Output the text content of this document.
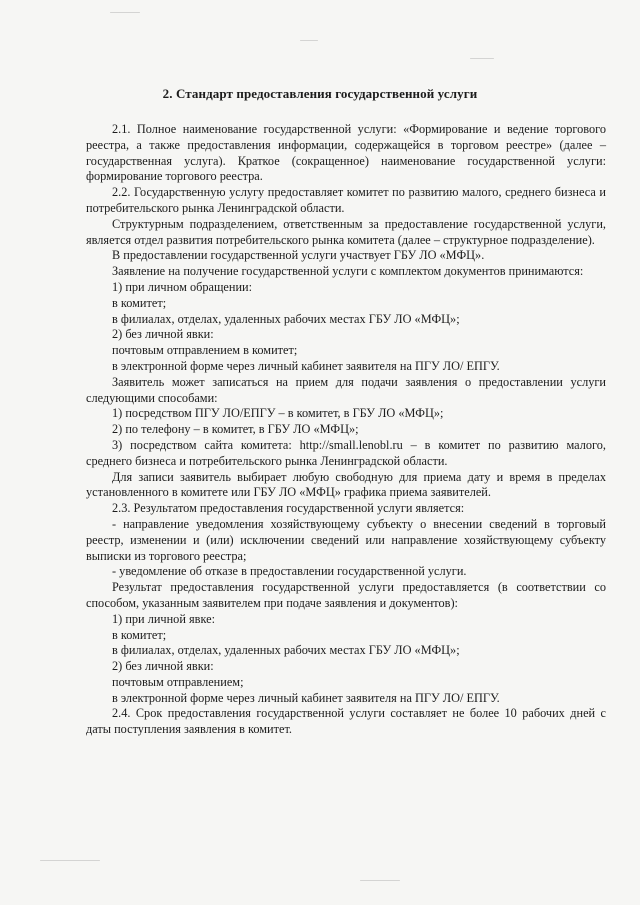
2. Стандарт предоставления государственной услуги

2.1. Полное наименование государственной услуги: «Формирование и ведение торгового реестра, а также предоставления информации, содержащейся в торговом реестре» (далее – государственная услуга). Краткое (сокращенное) наименование государственной услуги: формирование торгового реестра.

2.2. Государственную услугу предоставляет комитет по развитию малого, среднего бизнеса и потребительского рынка Ленинградской области.

Структурным подразделением, ответственным за предоставление государственной услуги, является отдел развития потребительского рынка комитета (далее – структурное подразделение).

В предоставлении государственной услуги участвует ГБУ ЛО «МФЦ».

Заявление на получение государственной услуги с комплектом документов принимаются:

1) при личном обращении:

в комитет;

в филиалах, отделах, удаленных рабочих местах ГБУ ЛО «МФЦ»;

2) без личной явки:

почтовым отправлением в комитет;

в электронной форме через личный кабинет заявителя на ПГУ ЛО/ ЕПГУ.

Заявитель может записаться на прием для подачи заявления о предоставлении услуги следующими способами:

1) посредством ПГУ ЛО/ЕПГУ – в комитет, в ГБУ ЛО «МФЦ»;

2) по телефону – в комитет, в ГБУ ЛО «МФЦ»;

3) посредством сайта комитета: http://small.lenobl.ru – в комитет по развитию малого, среднего бизнеса и потребительского рынка Ленинградской области.

Для записи заявитель выбирает любую свободную для приема дату и время в пределах установленного в комитете или ГБУ ЛО «МФЦ» графика приема заявителей.

2.3. Результатом предоставления государственной услуги является:

- направление уведомления хозяйствующему субъекту о внесении сведений в торговый реестр, изменении и (или) исключении сведений или направление хозяйствующему субъекту выписки из торгового реестра;

- уведомление об отказе в предоставлении государственной услуги.

Результат предоставления государственной услуги предоставляется (в соответствии со способом, указанным заявителем при подаче заявления и документов):

1) при личной явке:

в комитет;

в филиалах, отделах, удаленных рабочих местах ГБУ ЛО «МФЦ»;

2) без личной явки:

почтовым отправлением;

в электронной форме через личный кабинет заявителя на ПГУ ЛО/ ЕПГУ.

2.4. Срок предоставления государственной услуги составляет не более 10 рабочих дней с даты поступления заявления в комитет.
